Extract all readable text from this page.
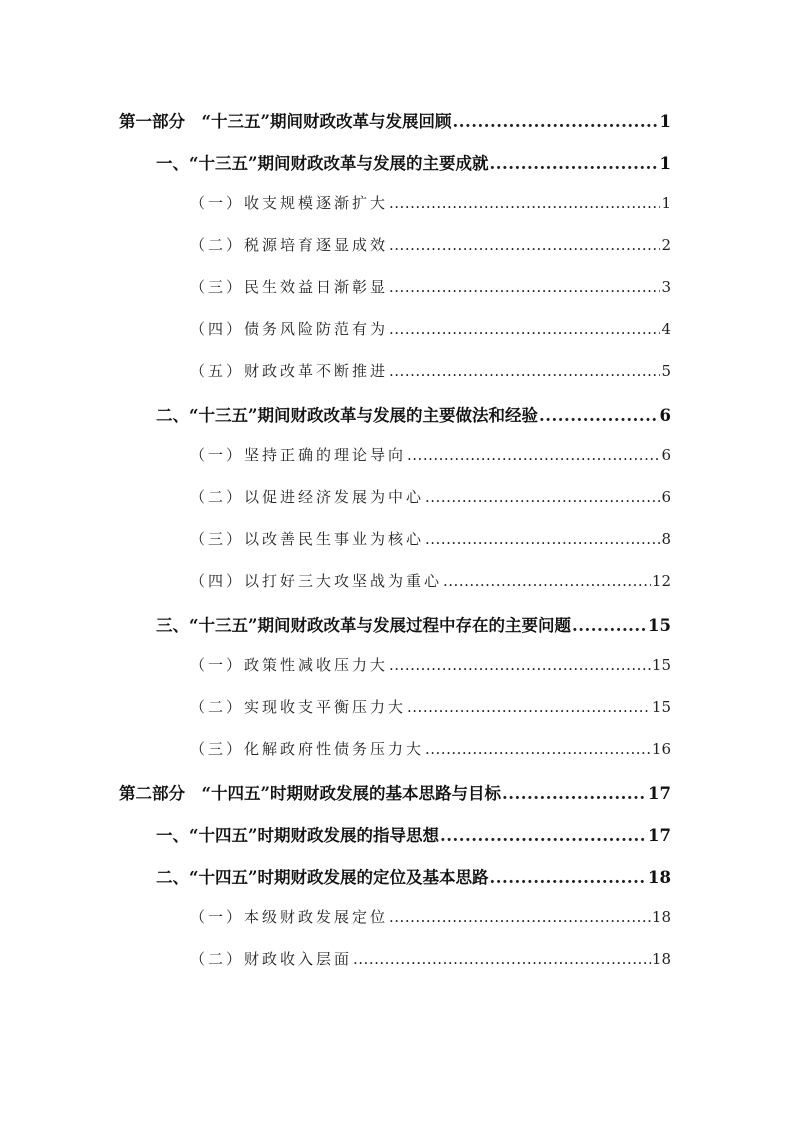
第一部分　“十三五”期间财政改革与发展回顾 .....	1
一、“十三五”期间财政改革与发展的主要成就 .....	1
（一）收支规模逐渐扩大 .....	1
（二）税源培育逐显成效 .....	2
（三）民生效益日渐彰显 .....	3
（四）债务风险防范有为 .....	4
（五）财政改革不断推进 .....	5
二、“十三五”期间财政改革与发展的主要做法和经验 .....	6
（一）坚持正确的理论导向 .....	6
（二）以促进经济发展为中心 .....	6
（三）以改善民生事业为核心 .....	8
（四）以打好三大攻坚战为重心 .....	12
三、“十三五”期间财政改革与发展过程中存在的主要问题 .....	15
（一）政策性减收压力大 .....	15
（二）实现收支平衡压力大 .....	15
（三）化解政府性债务压力大 .....	16
第二部分　“十四五”时期财政发展的基本思路与目标 .....	17
一、“十四五”时期财政发展的指导思想 .....	17
二、“十四五”时期财政发展的定位及基本思路 .....	18
（一）本级财政发展定位 .....	18
（二）财政收入层面 .....	18
